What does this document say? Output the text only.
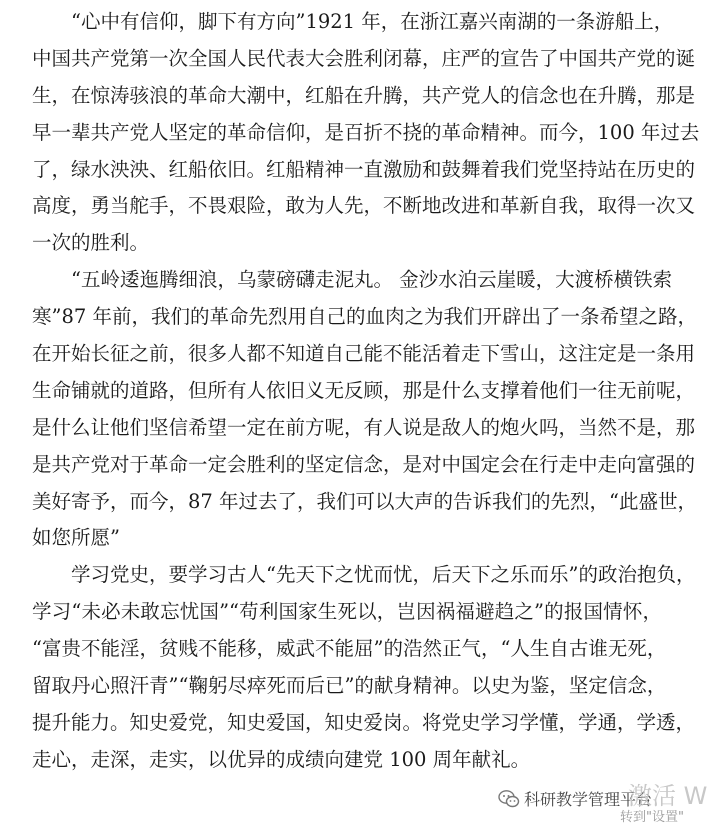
“心中有信仰，脚下有方向”1921 年，在浙江嘉兴南湖的一条游船上，
中国共产党第一次全国人民代表大会胜利闭幕，庄严的宣告了中国共产党的诞
生，在惊涛骇浪的革命大潮中，红船在升腾，共产党人的信念也在升腾，那是
早一辈共产党人坚定的革命信仰，是百折不挠的革命精神。而今，100 年过去
了，绿水泱泱、红船依旧。红船精神一直激励和鼓舞着我们党坚持站在历史的
高度，勇当舵手，不畏艰险，敢为人先，不断地改进和革新自我，取得一次又
一次的胜利。
“五岭逶迤腾细浪，乌蒙磅礴走泥丸。 金沙水泊云崖暖，大渡桥横铁索
寒”87 年前，我们的革命先烈用自己的血肉之为我们开辟出了一条希望之路，
在开始长征之前，很多人都不知道自己能不能活着走下雪山，这注定是一条用
生命铺就的道路，但所有人依旧义无反顾，那是什么支撑着他们一往无前呢，
是什么让他们坚信希望一定在前方呢，有人说是敌人的炮火吗，当然不是，那
是共产党对于革命一定会胜利的坚定信念，是对中国定会在行走中走向富强的
美好寄予，而今，87 年过去了，我们可以大声的告诉我们的先烈，“此盛世，
如您所愿”
学习党史，要学习古人“先天下之忧而忧，后天下之乐而乐”的政治抱负，
学习“未必未敢忘忧国”“苟利国家生死以，岂因祸福避趋之”的报国情怀，
“富贵不能淫，贫贱不能移，威武不能屈”的浩然正气，“人生自古谁无死，
留取丹心照汗青”“鞠躬尽瘁死而后已”的献身精神。以史为鉴，坚定信念，
提升能力。知史爱党，知史爱国，知史爱岗。将党史学习学懂，学通，学透，
走心，走深，走实，以优异的成绩向建党 100 周年献礼。
科研教学管理平台
激活 W
转到"设置"
